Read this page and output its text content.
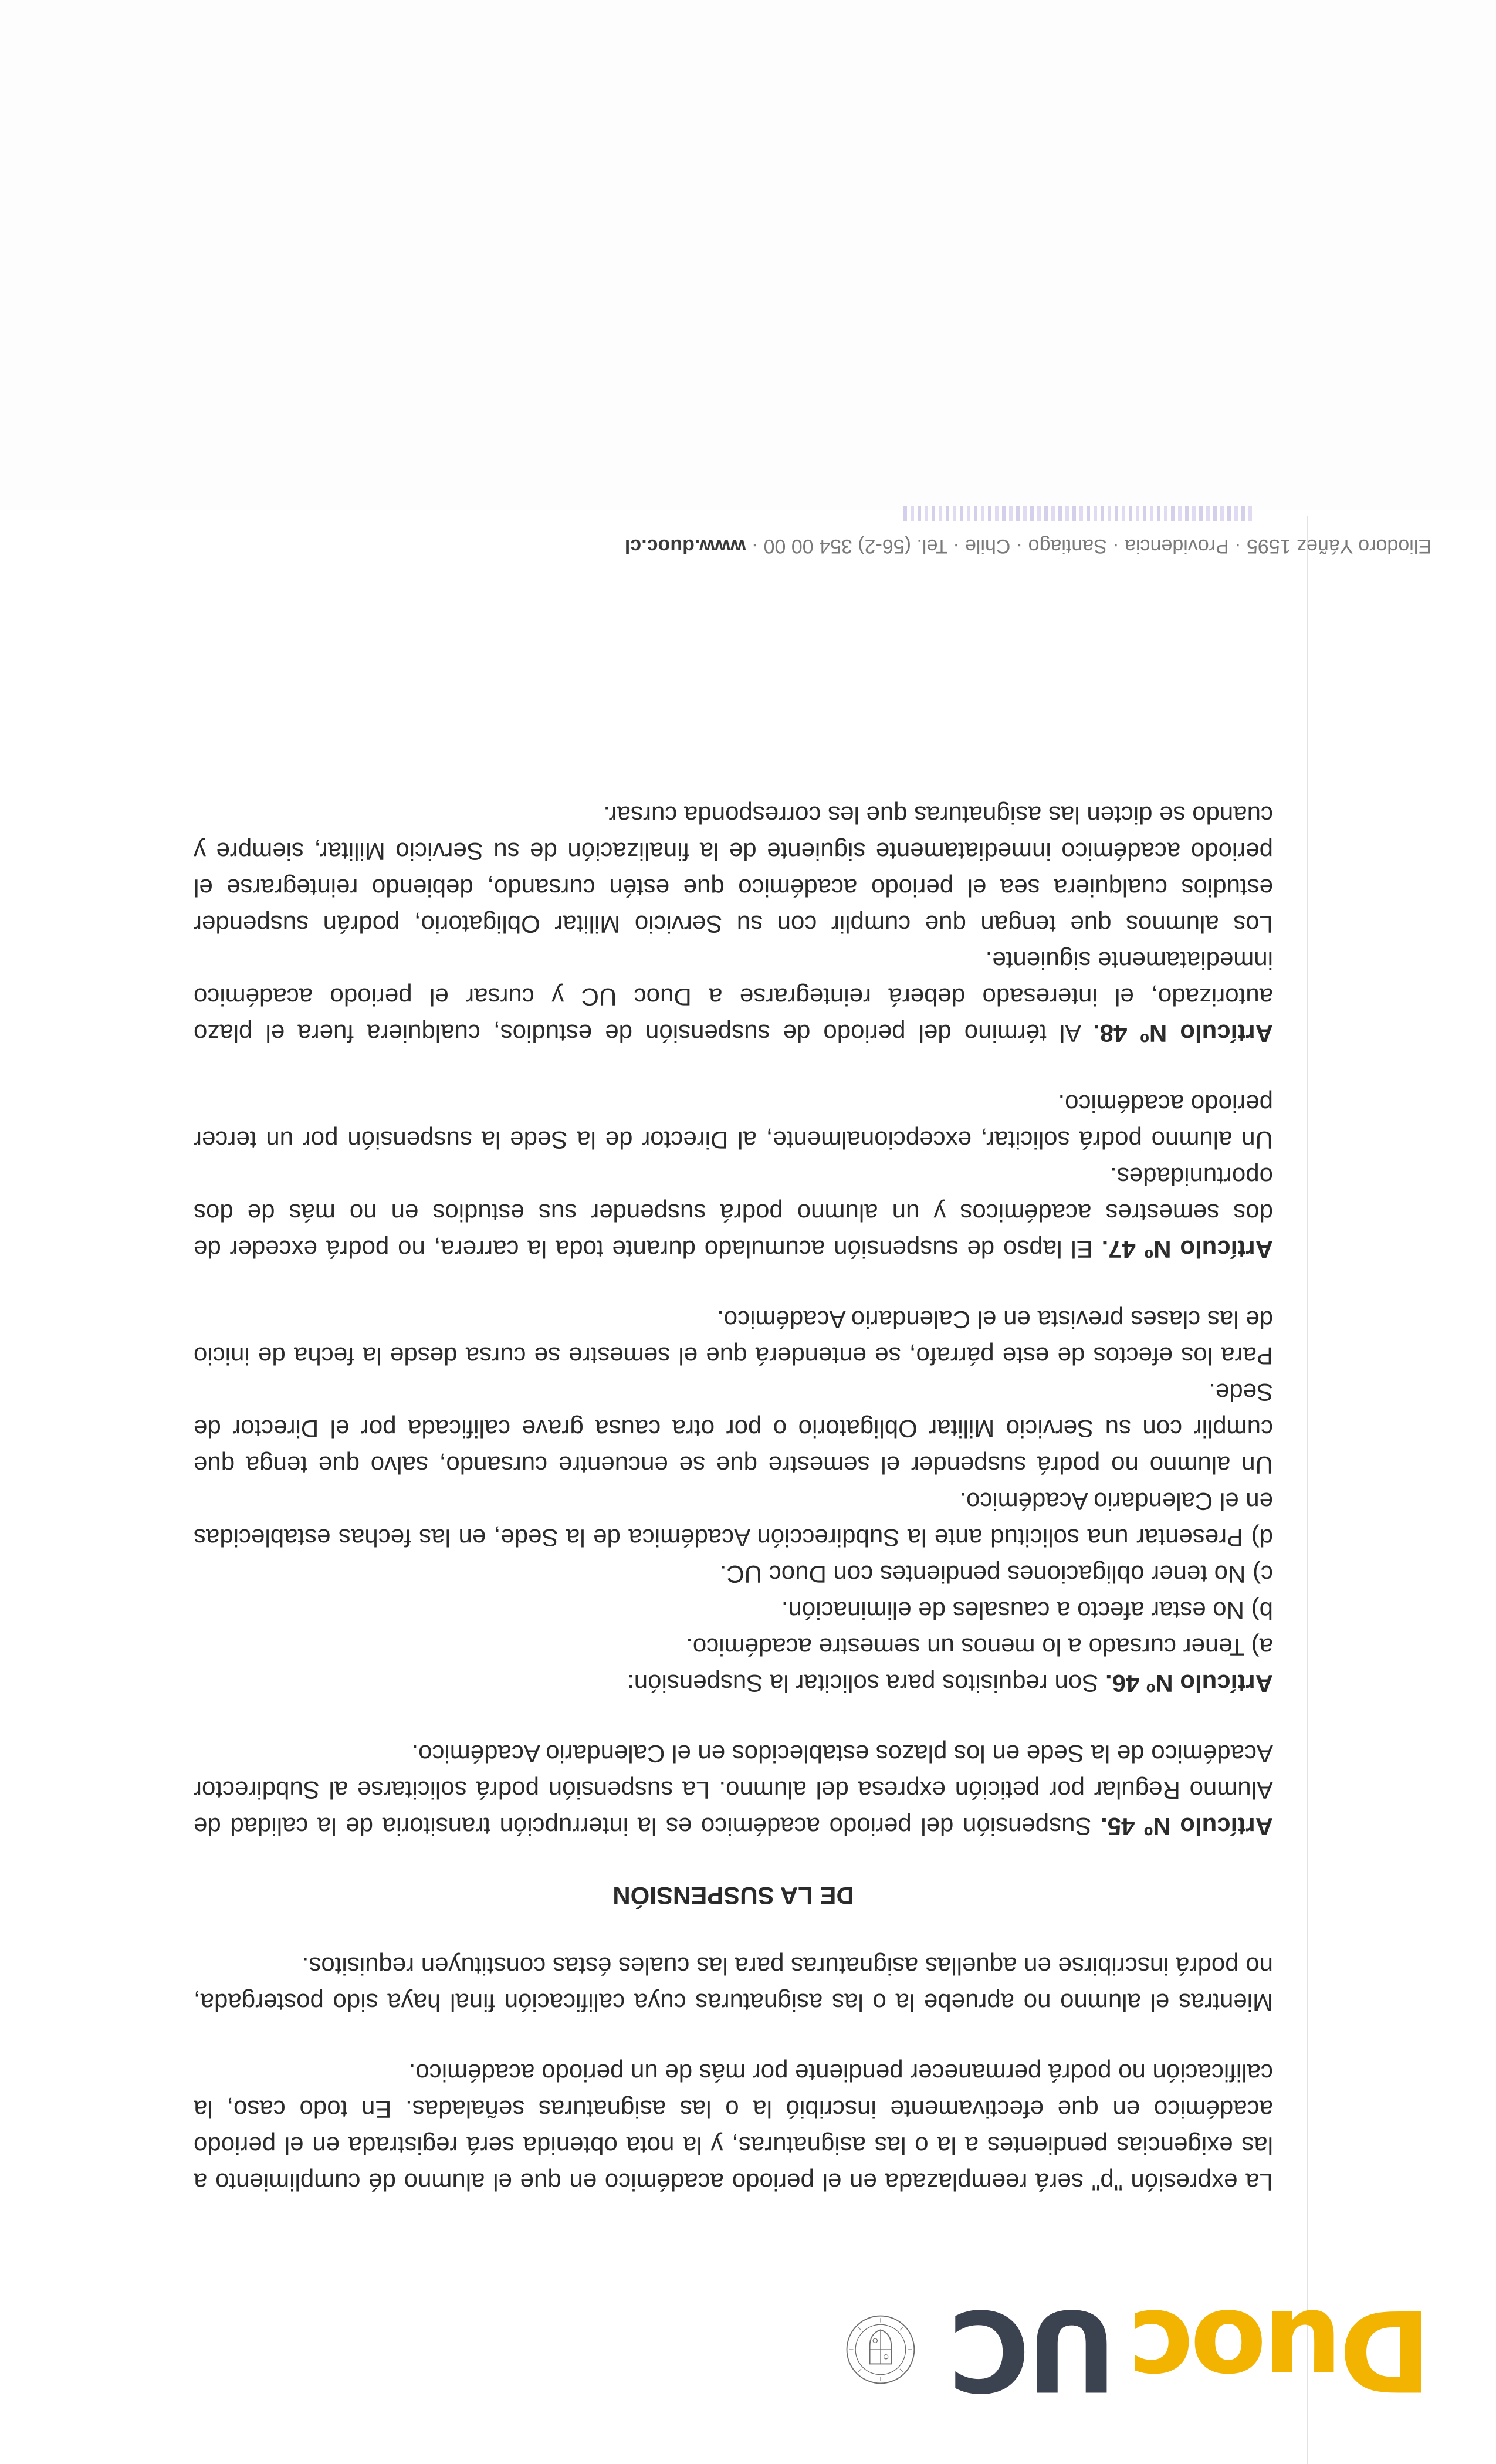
DuocUC

La expresión "p" será reemplazada en el periodo académico en que el alumno dé cumplimiento a las exigencias pendientes a la o las asignaturas, y la nota obtenida será registrada en el periodo académico en que efectivamente inscribió la o las asignaturas señaladas. En todo caso, la calificación no podrá permanecer pendiente por más de un periodo académico.

Mientras el alumno no apruebe la o las asignaturas cuya calificación final haya sido postergada, no podrá inscribirse en aquellas asignaturas para las cuales éstas constituyen requisitos.

DE LA SUSPENSIÓN

Artículo Nº 45. Suspensión del periodo académico es la interrupción transitoria de la calidad de Alumno Regular por petición expresa del alumno. La suspensión podrá solicitarse al Subdirector Académico de la Sede en los plazos establecidos en el Calendario Académico.

Artículo Nº 46. Son requisitos para solicitar la Suspensión:
a) Tener cursado a lo menos un semestre académico.
b) No estar afecto a causales de eliminación.
c) No tener obligaciones pendientes con Duoc UC.
d) Presentar una solicitud ante la Subdirección Académica de la Sede, en las fechas establecidas en el Calendario Académico.
Un alumno no podrá suspender el semestre que se encuentre cursando, salvo que tenga que cumplir con su Servicio Militar Obligatorio o por otra causa grave calificada por el Director de Sede.

Para los efectos de este párrafo, se entenderá que el semestre se cursa desde la fecha de inicio de las clases prevista en el Calendario Académico.

Artículo Nº 47. El lapso de suspensión acumulado durante toda la carrera, no podrá exceder de dos semestres académicos y un alumno podrá suspender sus estudios en no más de dos oportunidades.

Un alumno podrá solicitar, excepcionalmente, al Director de la Sede la suspensión por un tercer periodo académico.

Artículo Nº 48. Al término del periodo de suspensión de estudios, cualquiera fuera el plazo autorizado, el interesado deberá reintegrarse a Duoc UC y cursar el periodo académico inmediatamente siguiente.

Los alumnos que tengan que cumplir con su Servicio Militar Obligatorio, podrán suspender estudios cualquiera sea el periodo académico que estén cursando, debiendo reintegrarse el periodo académico inmediatamente siguiente de la finalización de su Servicio Militar, siempre y cuando se dicten las asignaturas que les corresponda cursar.

Eliodoro Yáñez 1595 · Providencia · Santiago · Chile · Tel. (56-2) 354 00 00 · www.duoc.cl
